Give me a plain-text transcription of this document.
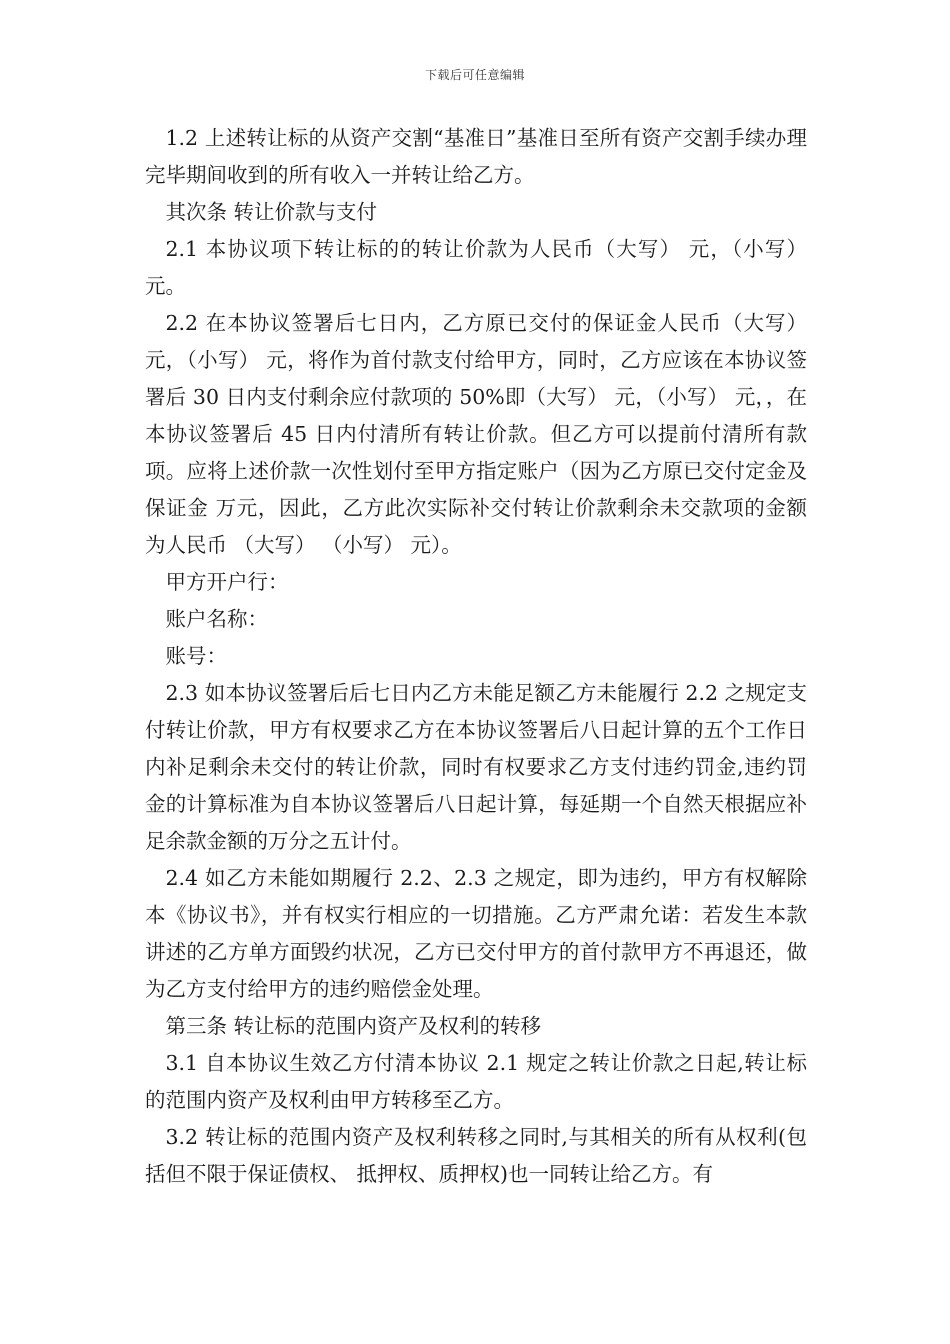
下载后可任意编辑

1.2 上述转让标的从资产交割“基准日”基准日至所有资产交割手续办理完毕期间收到的所有收入一并转让给乙方。

其次条 转让价款与支付

2.1 本协议项下转让标的的转让价款为人民币（大写） 元，（小写） 元。

2.2 在本协议签署后七日内，乙方原已交付的保证金人民币（大写） 元，（小写） 元，将作为首付款支付给甲方，同时，乙方应该在本协议签署后 30 日内支付剩余应付款项的 50%即（大写） 元，（小写） 元，，在本协议签署后 45 日内付清所有转让价款。但乙方可以提前付清所有款项。应将上述价款一次性划付至甲方指定账户（因为乙方原已交付定金及保证金 万元，因此，乙方此次实际补交付转让价款剩余未交款项的金额为人民币 （大写） （小写） 元）。

甲方开户行：

账户名称：

账号：

2.3 如本协议签署后后七日内乙方未能足额乙方未能履行 2.2 之规定支付转让价款，甲方有权要求乙方在本协议签署后八日起计算的五个工作日内补足剩余未交付的转让价款，同时有权要求乙方支付违约罚金,违约罚金的计算标准为自本协议签署后八日起计算，每延期一个自然天根据应补足余款金额的万分之五计付。

2.4 如乙方未能如期履行 2.2、2.3 之规定，即为违约，甲方有权解除本《协议书》，并有权实行相应的一切措施。乙方严肃允诺：若发生本款讲述的乙方单方面毁约状况，乙方已交付甲方的首付款甲方不再退还，做为乙方支付给甲方的违约赔偿金处理。

第三条 转让标的范围内资产及权利的转移

3.1 自本协议生效乙方付清本协议 2.1 规定之转让价款之日起,转让标的范围内资产及权利由甲方转移至乙方。

3.2 转让标的范围内资产及权利转移之同时,与其相关的所有从权利(包括但不限于保证债权、 抵押权、质押权)也一同转让给乙方。有
